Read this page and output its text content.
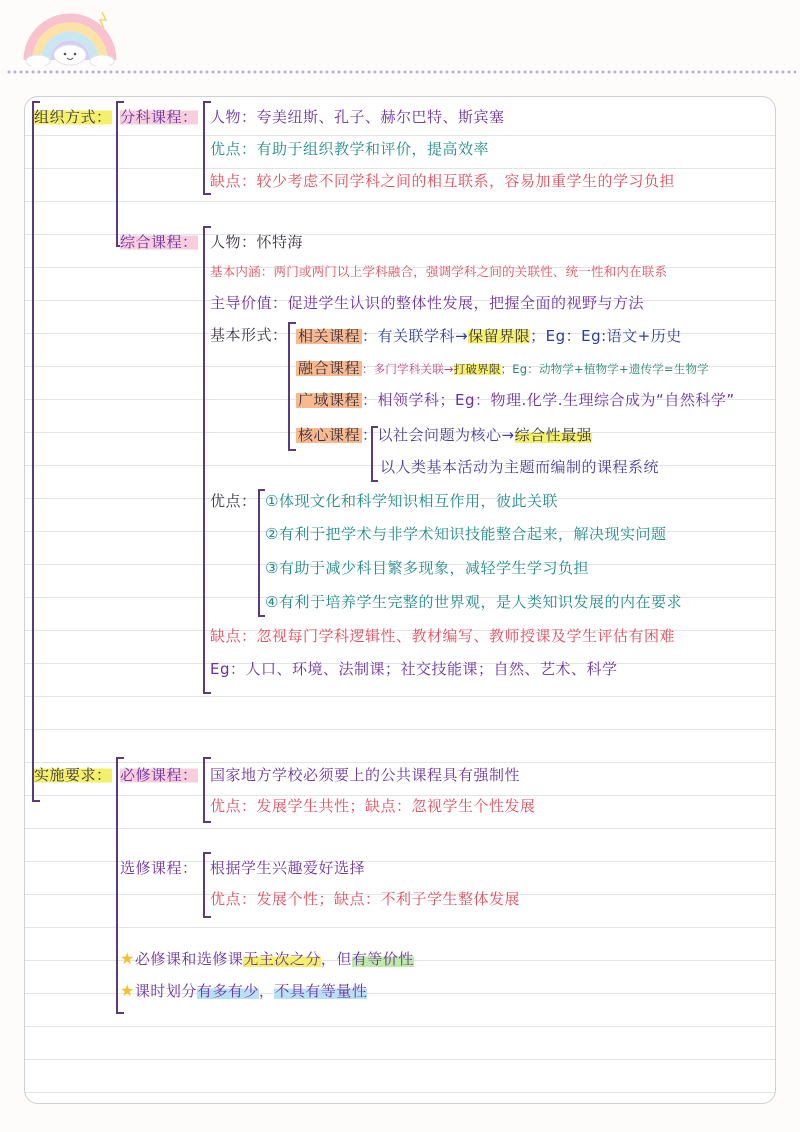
组织方式： 分科课程： 人物：夸美纽斯、孔子、赫尔巴特、斯宾塞
优点：有助于组织教学和评价，提高效率
缺点：较少考虑不同学科之间的相互联系，容易加重学生的学习负担
综合课程： 人物：怀特海
基本内涵：两门或两门以上学科融合，强调学科之间的关联性、统一性和内在联系
主导价值：促进学生认识的整体性发展，把握全面的视野与方法
基本形式： 相关课程 ：有关联学科→保留界限；Eg：Eg:语文+历史
融合课程 ：多门学科关联→打破界限；Eg：动物学+植物学+遗传学=生物学
广域课程 ：相领学科；Eg：物理.化学.生理综合成为“自然科学”
核心课程 ：以社会问题为核心→综合性最强
以人类基本活动为主题而编制的课程系统
优点： ①体现文化和科学知识相互作用，彼此关联
②有利于把学术与非学术知识技能整合起来，解决现实问题
③有助于减少科目繁多现象，减轻学生学习负担
④有利于培养学生完整的世界观，是人类知识发展的内在要求
缺点：忽视每门学科逻辑性、教材编写、教师授课及学生评估有困难
Eg：人口、环境、法制课；社交技能课；自然、艺术、科学
实施要求： 必修课程： 国家地方学校必须要上的公共课程具有强制性
优点：发展学生共性；缺点：忽视学生个性发展
选修课程： 根据学生兴趣爱好选择
优点：发展个性；缺点：不利子学生整体发展
★必修课和选修课无主次之分，但有等价性
★课时划分有多有少，不具有等量性
